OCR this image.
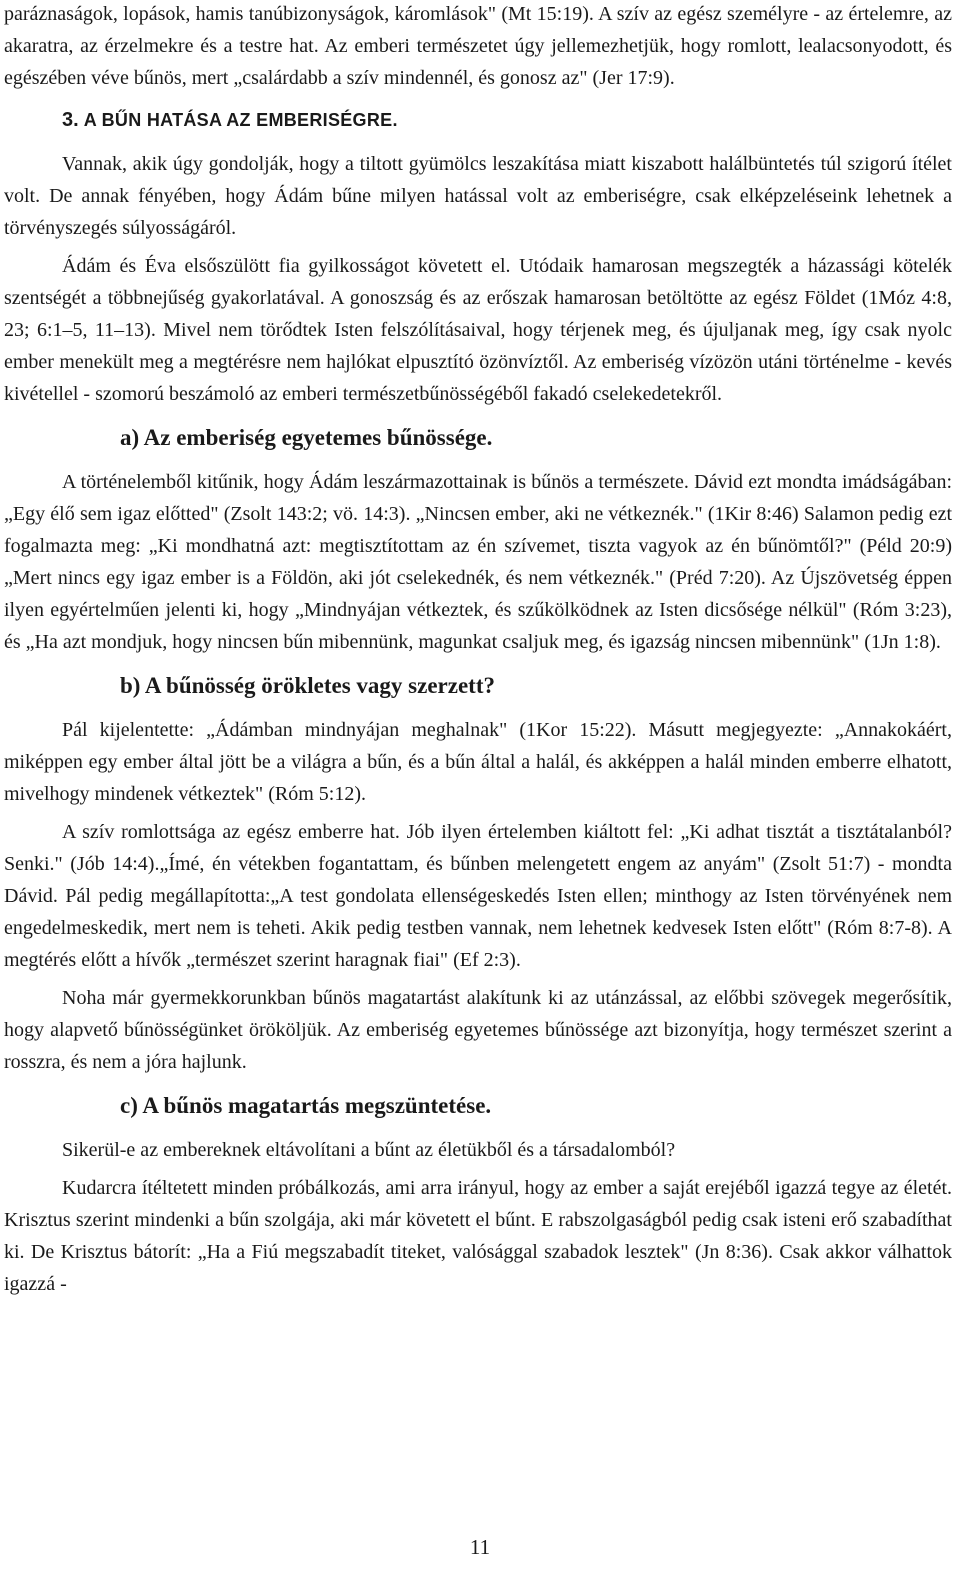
paráznaságok, lopások, hamis tanúbizonyságok, káromlások" (Mt 15:19). A szív az egész személyre - az értelemre, az akaratra, az érzelmekre és a testre hat. Az emberi természetet úgy jellemezhetjük, hogy romlott, lealacsonyodott, és egészében véve bűnös, mert „csalárdabb a szív mindennél, és gonosz az" (Jer 17:9).

3. A BŰN HATÁSA AZ EMBERISÉGRE.

Vannak, akik úgy gondolják, hogy a tiltott gyümölcs leszakítása miatt kiszabott halálbüntetés túl szigorú ítélet volt. De annak fényében, hogy Ádám bűne milyen hatással volt az emberiségre, csak elképzeléseink lehetnek a törvényszegés súlyosságáról.

Ádám és Éva elsőszülött fia gyilkosságot követett el. Utódaik hamarosan megszegték a házassági kötelék szentségét a többnejűség gyakorlatával. A gonoszság és az erőszak hamarosan betöltötte az egész Földet (1Móz 4:8, 23; 6:1–5, 11–13). Mivel nem törődtek Isten felszólításaival, hogy térjenek meg, és újuljanak meg, így csak nyolc ember menekült meg a megtérésre nem hajlókat elpusztító özönvíztől. Az emberiség vízözön utáni történelme - kevés kivétellel - szomorú beszámoló az emberi természetbűnösségéből fakadó cselekedetekről.

a) Az emberiség egyetemes bűnössége.

A történelemből kitűnik, hogy Ádám leszármazottainak is bűnös a természete. Dávid ezt mondta imádságában: „Egy élő sem igaz előtted" (Zsolt 143:2; vö. 14:3). „Nincsen ember, aki ne vétkeznék." (1Kir 8:46) Salamon pedig ezt fogalmazta meg: „Ki mondhatná azt: megtisztítottam az én szívemet, tiszta vagyok az én bűnömtől?" (Péld 20:9) „Mert nincs egy igaz ember is a Földön, aki jót cselekednék, és nem vétkeznék." (Préd 7:20). Az Újszövetség éppen ilyen egyértelműen jelenti ki, hogy „Mindnyájan vétkeztek, és szűkölködnek az Isten dicsősége nélkül" (Róm 3:23), és „Ha azt mondjuk, hogy nincsen bűn mibennünk, magunkat csaljuk meg, és igazság nincsen mibennünk" (1Jn 1:8).

b) A bűnösség örökletes vagy szerzett?

Pál kijelentette: „Ádámban mindnyájan meghalnak" (1Kor 15:22). Másutt megjegyezte: „Annakokáért, miképpen egy ember által jött be a világra a bűn, és a bűn által a halál, és akképpen a halál minden emberre elhatott, mivelhogy mindenek vétkeztek" (Róm 5:12).

A szív romlottsága az egész emberre hat. Jób ilyen értelemben kiáltott fel: „Ki adhat tisztát a tisztátalanból? Senki." (Jób 14:4).„Ímé, én vétekben fogantattam, és bűnben melengetett engem az anyám" (Zsolt 51:7) - mondta Dávid. Pál pedig megállapította:„A test gondolata ellenségeskedés Isten ellen; minthogy az Isten törvényének nem engedelmeskedik, mert nem is teheti. Akik pedig testben vannak, nem lehetnek kedvesek Isten előtt" (Róm 8:7-8). A megtérés előtt a hívők „természet szerint haragnak fiai" (Ef 2:3).

Noha már gyermekkorunkban bűnös magatartást alakítunk ki az utánzással, az előbbi szövegek megerősítik, hogy alapvető bűnösségünket örököljük. Az emberiség egyetemes bűnössége azt bizonyítja, hogy természet szerint a rosszra, és nem a jóra hajlunk.

c) A bűnös magatartás megszüntetése.

Sikerül-e az embereknek eltávolítani a bűnt az életükből és a társadalomból?

Kudarcra ítéltetett minden próbálkozás, ami arra irányul, hogy az ember a saját erejéből igazzá tegye az életét. Krisztus szerint mindenki a bűn szolgája, aki már követett el bűnt. E rabszolgaságból pedig csak isteni erő szabadíthat ki. De Krisztus bátorít: „Ha a Fiú megszabadít titeket, valósággal szabadok lesztek" (Jn 8:36). Csak akkor válhattok igazzá -

11
